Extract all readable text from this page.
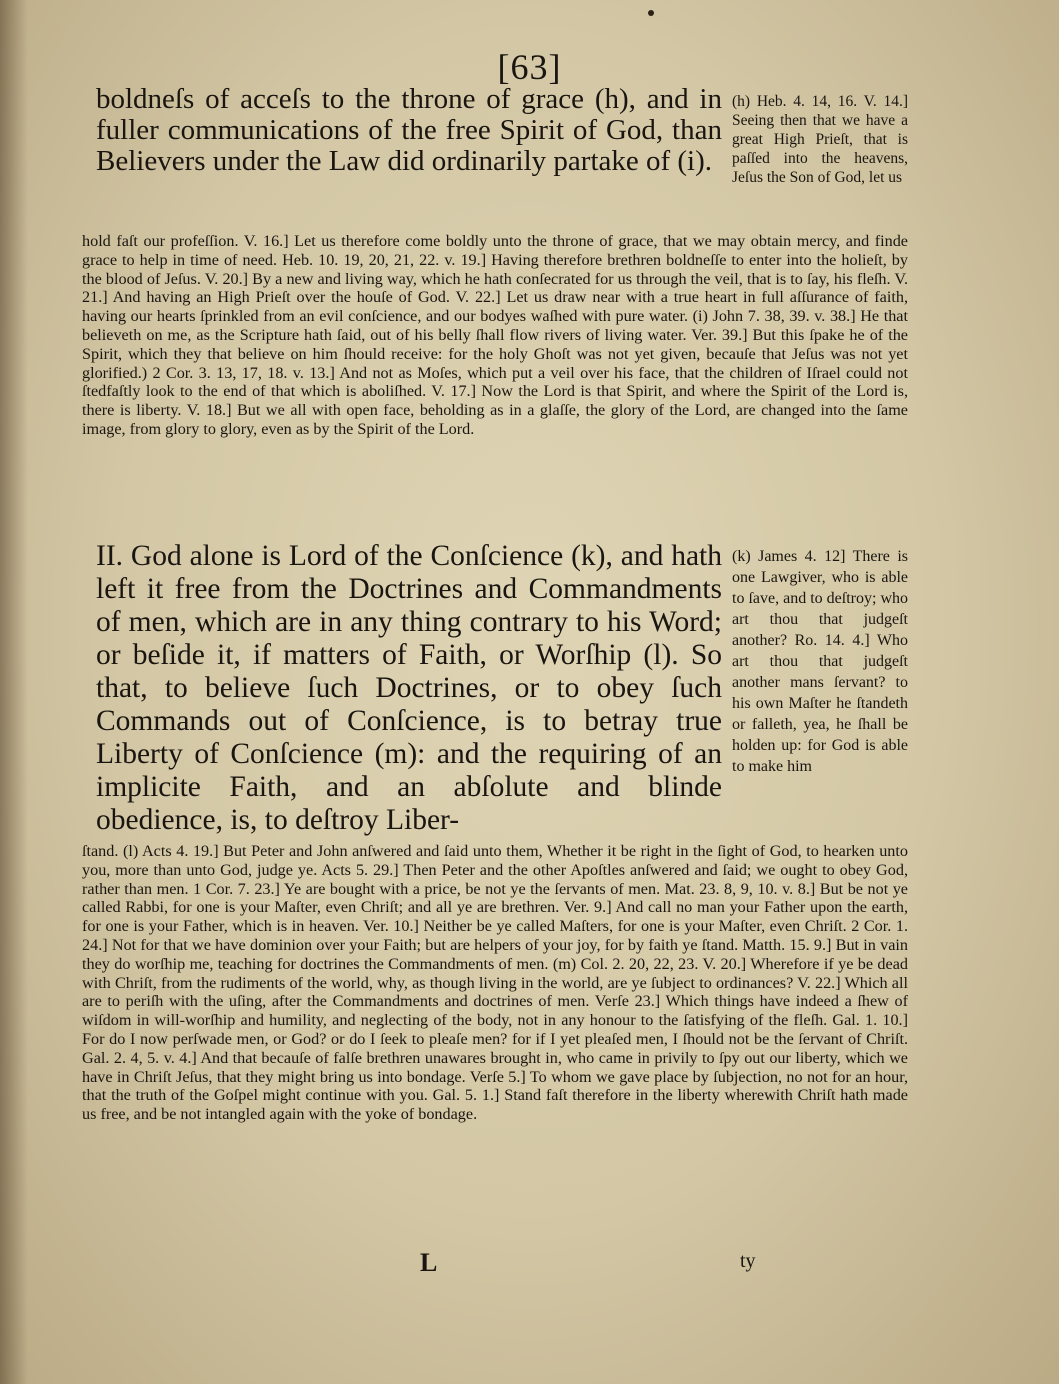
[63]
boldneſs of acceſs to the throne of grace (h), and in fuller communications of the free Spirit of God, than Believers under the Law did ordinarily partake of (i).
(h) Heb. 4. 14, 16. V. 14.] Seeing then that we have a great High Prieſt, that is paſſed into the heavens, Jeſus the Son of God, let us
hold faſt our profeſſion. V. 16.] Let us therefore come boldly unto the throne of grace, that we may obtain mercy, and finde grace to help in time of need. Heb. 10. 19, 20, 21, 22. v. 19.] Having therefore brethren boldneſſe to enter into the holieſt, by the blood of Jeſus. V. 20.] By a new and living way, which he hath conſecrated for us through the veil, that is to ſay, his fleſh. V. 21.] And having an High Prieſt over the houſe of God. V. 22.] Let us draw near with a true heart in full aſſurance of faith, having our hearts ſprinkled from an evil conſcience, and our bodyes waſhed with pure water. (i) John 7. 38, 39. v. 38.] He that believeth on me, as the Scripture hath ſaid, out of his belly ſhall flow rivers of living water. Ver. 39.] But this ſpake he of the Spirit, which they that believe on him ſhould receive: for the holy Ghoſt was not yet given, becauſe that Jeſus was not yet glorified.) 2 Cor. 3. 13, 17, 18. v. 13.] And not as Moſes, which put a veil over his face, that the children of Iſrael could not ſtedfaſtly look to the end of that which is aboliſhed. V. 17.] Now the Lord is that Spirit, and where the Spirit of the Lord is, there is liberty. V. 18.] But we all with open face, beholding as in a glaſſe, the glory of the Lord, are changed into the ſame image, from glory to glory, even as by the Spirit of the Lord.
II. God alone is Lord of the Conſcience (k), and hath left it free from the Doctrines and Commandments of men, which are in any thing contrary to his Word; or beſide it, if matters of Faith, or Worſhip (l). So that, to believe ſuch Doctrines, or to obey ſuch Commands out of Conſcience, is to betray true Liberty of Conſcience (m): and the requiring of an implicite Faith, and an abſolute and blinde obedience, is, to deſtroy Liber-
(k) James 4. 12] There is one Lawgiver, who is able to ſave, and to deſtroy; who art thou that judgeſt another? Ro. 14. 4.] Who art thou that judgeſt another mans ſervant? to his own Maſter he ſtandeth or falleth, yea, he ſhall be holden up: for God is able to make him
ſtand. (l) Acts 4. 19.] But Peter and John anſwered and ſaid unto them, Whether it be right in the ſight of God, to hearken unto you, more than unto God, judge ye. Acts 5. 29.] Then Peter and the other Apoſtles anſwered and ſaid; we ought to obey God, rather than men. 1 Cor. 7. 23.] Ye are bought with a price, be not ye the ſervants of men. Mat. 23. 8, 9, 10. v. 8.] But be not ye called Rabbi, for one is your Maſter, even Chriſt; and all ye are brethren. Ver. 9.] And call no man your Father upon the earth, for one is your Father, which is in heaven. Ver. 10.] Neither be ye called Maſters, for one is your Maſter, even Chriſt. 2 Cor. 1. 24.] Not for that we have dominion over your Faith; but are helpers of your joy, for by faith ye ſtand. Matth. 15. 9.] But in vain they do worſhip me, teaching for doctrines the Commandments of men. (m) Col. 2. 20, 22, 23. V. 20.] Wherefore if ye be dead with Chriſt, from the rudiments of the world, why, as though living in the world, are ye ſubject to ordinances? V. 22.] Which all are to periſh with the uſing, after the Commandments and doctrines of men. Verſe 23.] Which things have indeed a ſhew of wiſdom in will-worſhip and humility, and neglecting of the body, not in any honour to the ſatisfying of the fleſh. Gal. 1. 10.] For do I now perſwade men, or God? or do I ſeek to pleaſe men? for if I yet pleaſed men, I ſhould not be the ſervant of Chriſt. Gal. 2. 4, 5. v. 4.] And that becauſe of falſe brethren unawares brought in, who came in privily to ſpy out our liberty, which we have in Chriſt Jeſus, that they might bring us into bondage. Verſe 5.] To whom we gave place by ſubjection, no not for an hour, that the truth of the Goſpel might continue with you. Gal. 5. 1.] Stand faſt therefore in the liberty wherewith Chriſt hath made us free, and be not intangled again with the yoke of bondage.
L	ty
